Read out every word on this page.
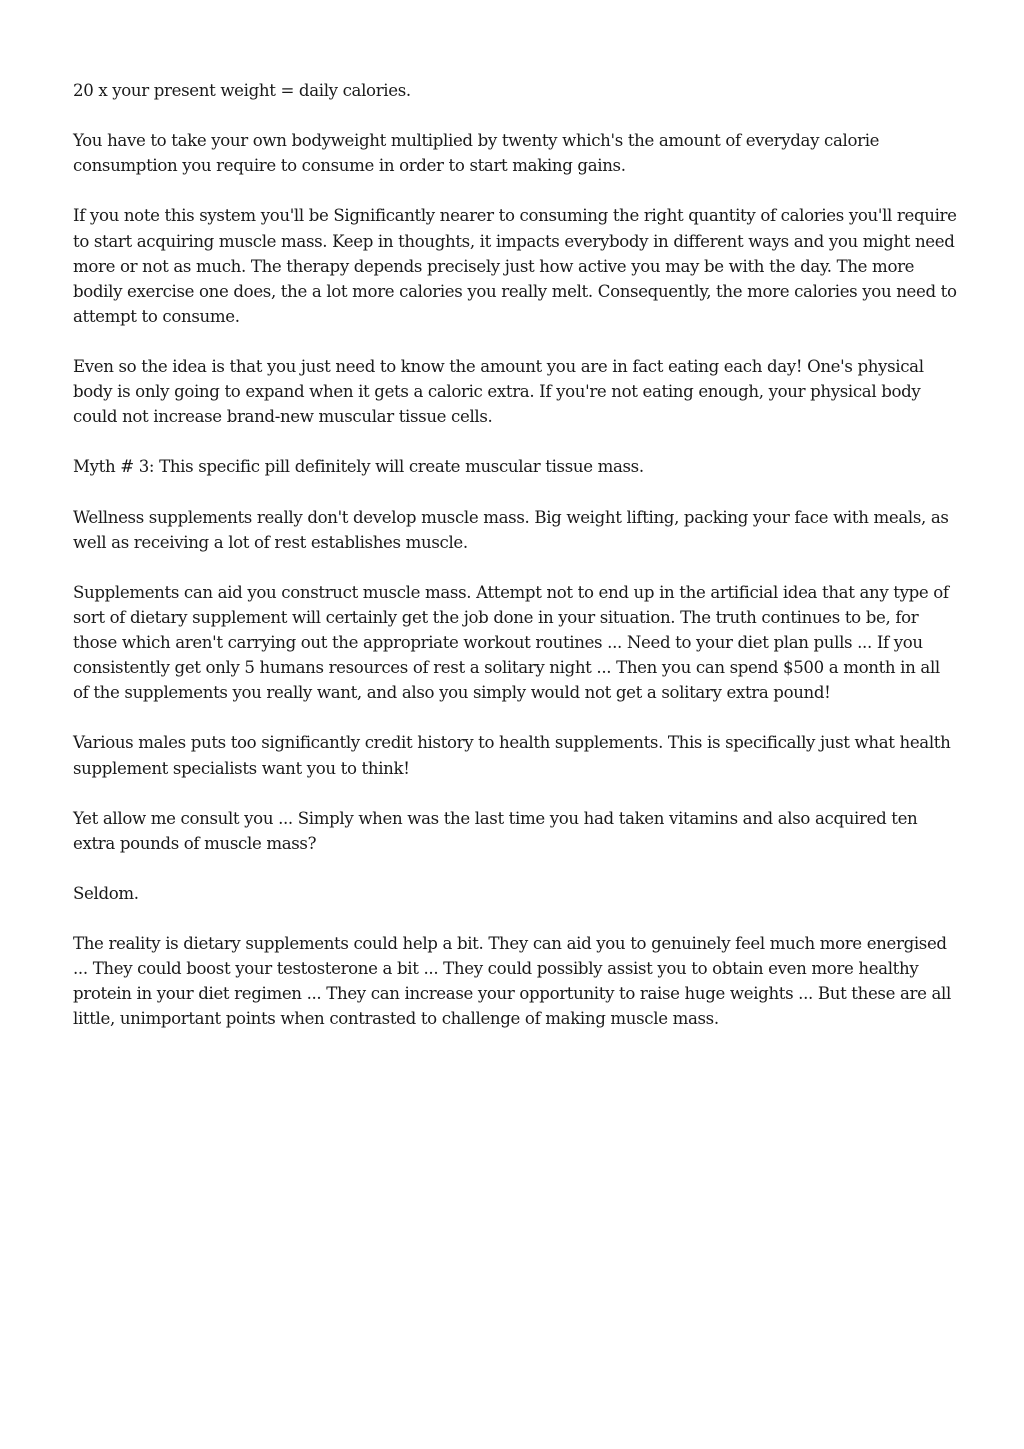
20 x your present weight = daily calories.

You have to take your own bodyweight multiplied by twenty which's the amount of everyday calorie consumption you require to consume in order to start making gains.

If you note this system you'll be Significantly nearer to consuming the right quantity of calories you'll require to start acquiring muscle mass. Keep in thoughts, it impacts everybody in different ways and you might need more or not as much. The therapy depends precisely just how active you may be with the day. The more bodily exercise one does, the a lot more calories you really melt. Consequently, the more calories you need to attempt to consume.

Even so the idea is that you just need to know the amount you are in fact eating each day! One's physical body is only going to expand when it gets a caloric extra. If you're not eating enough, your physical body could not increase brand-new muscular tissue cells.

Myth # 3: This specific pill definitely will create muscular tissue mass.

Wellness supplements really don't develop muscle mass. Big weight lifting, packing your face with meals, as well as receiving a lot of rest establishes muscle.

Supplements can aid you construct muscle mass. Attempt not to end up in the artificial idea that any type of sort of dietary supplement will certainly get the job done in your situation. The truth continues to be, for those which aren't carrying out the appropriate workout routines ... Need to your diet plan pulls ... If you consistently get only 5 humans resources of rest a solitary night ... Then you can spend $500 a month in all of the supplements you really want, and also you simply would not get a solitary extra pound!

Various males puts too significantly credit history to health supplements. This is specifically just what health supplement specialists want you to think!

Yet allow me consult you ... Simply when was the last time you had taken vitamins and also acquired ten extra pounds of muscle mass?

Seldom.

The reality is dietary supplements could help a bit. They can aid you to genuinely feel much more energised ... They could boost your testosterone a bit ... They could possibly assist you to obtain even more healthy protein in your diet regimen ... They can increase your opportunity to raise huge weights ... But these are all little, unimportant points when contrasted to challenge of making muscle mass.
